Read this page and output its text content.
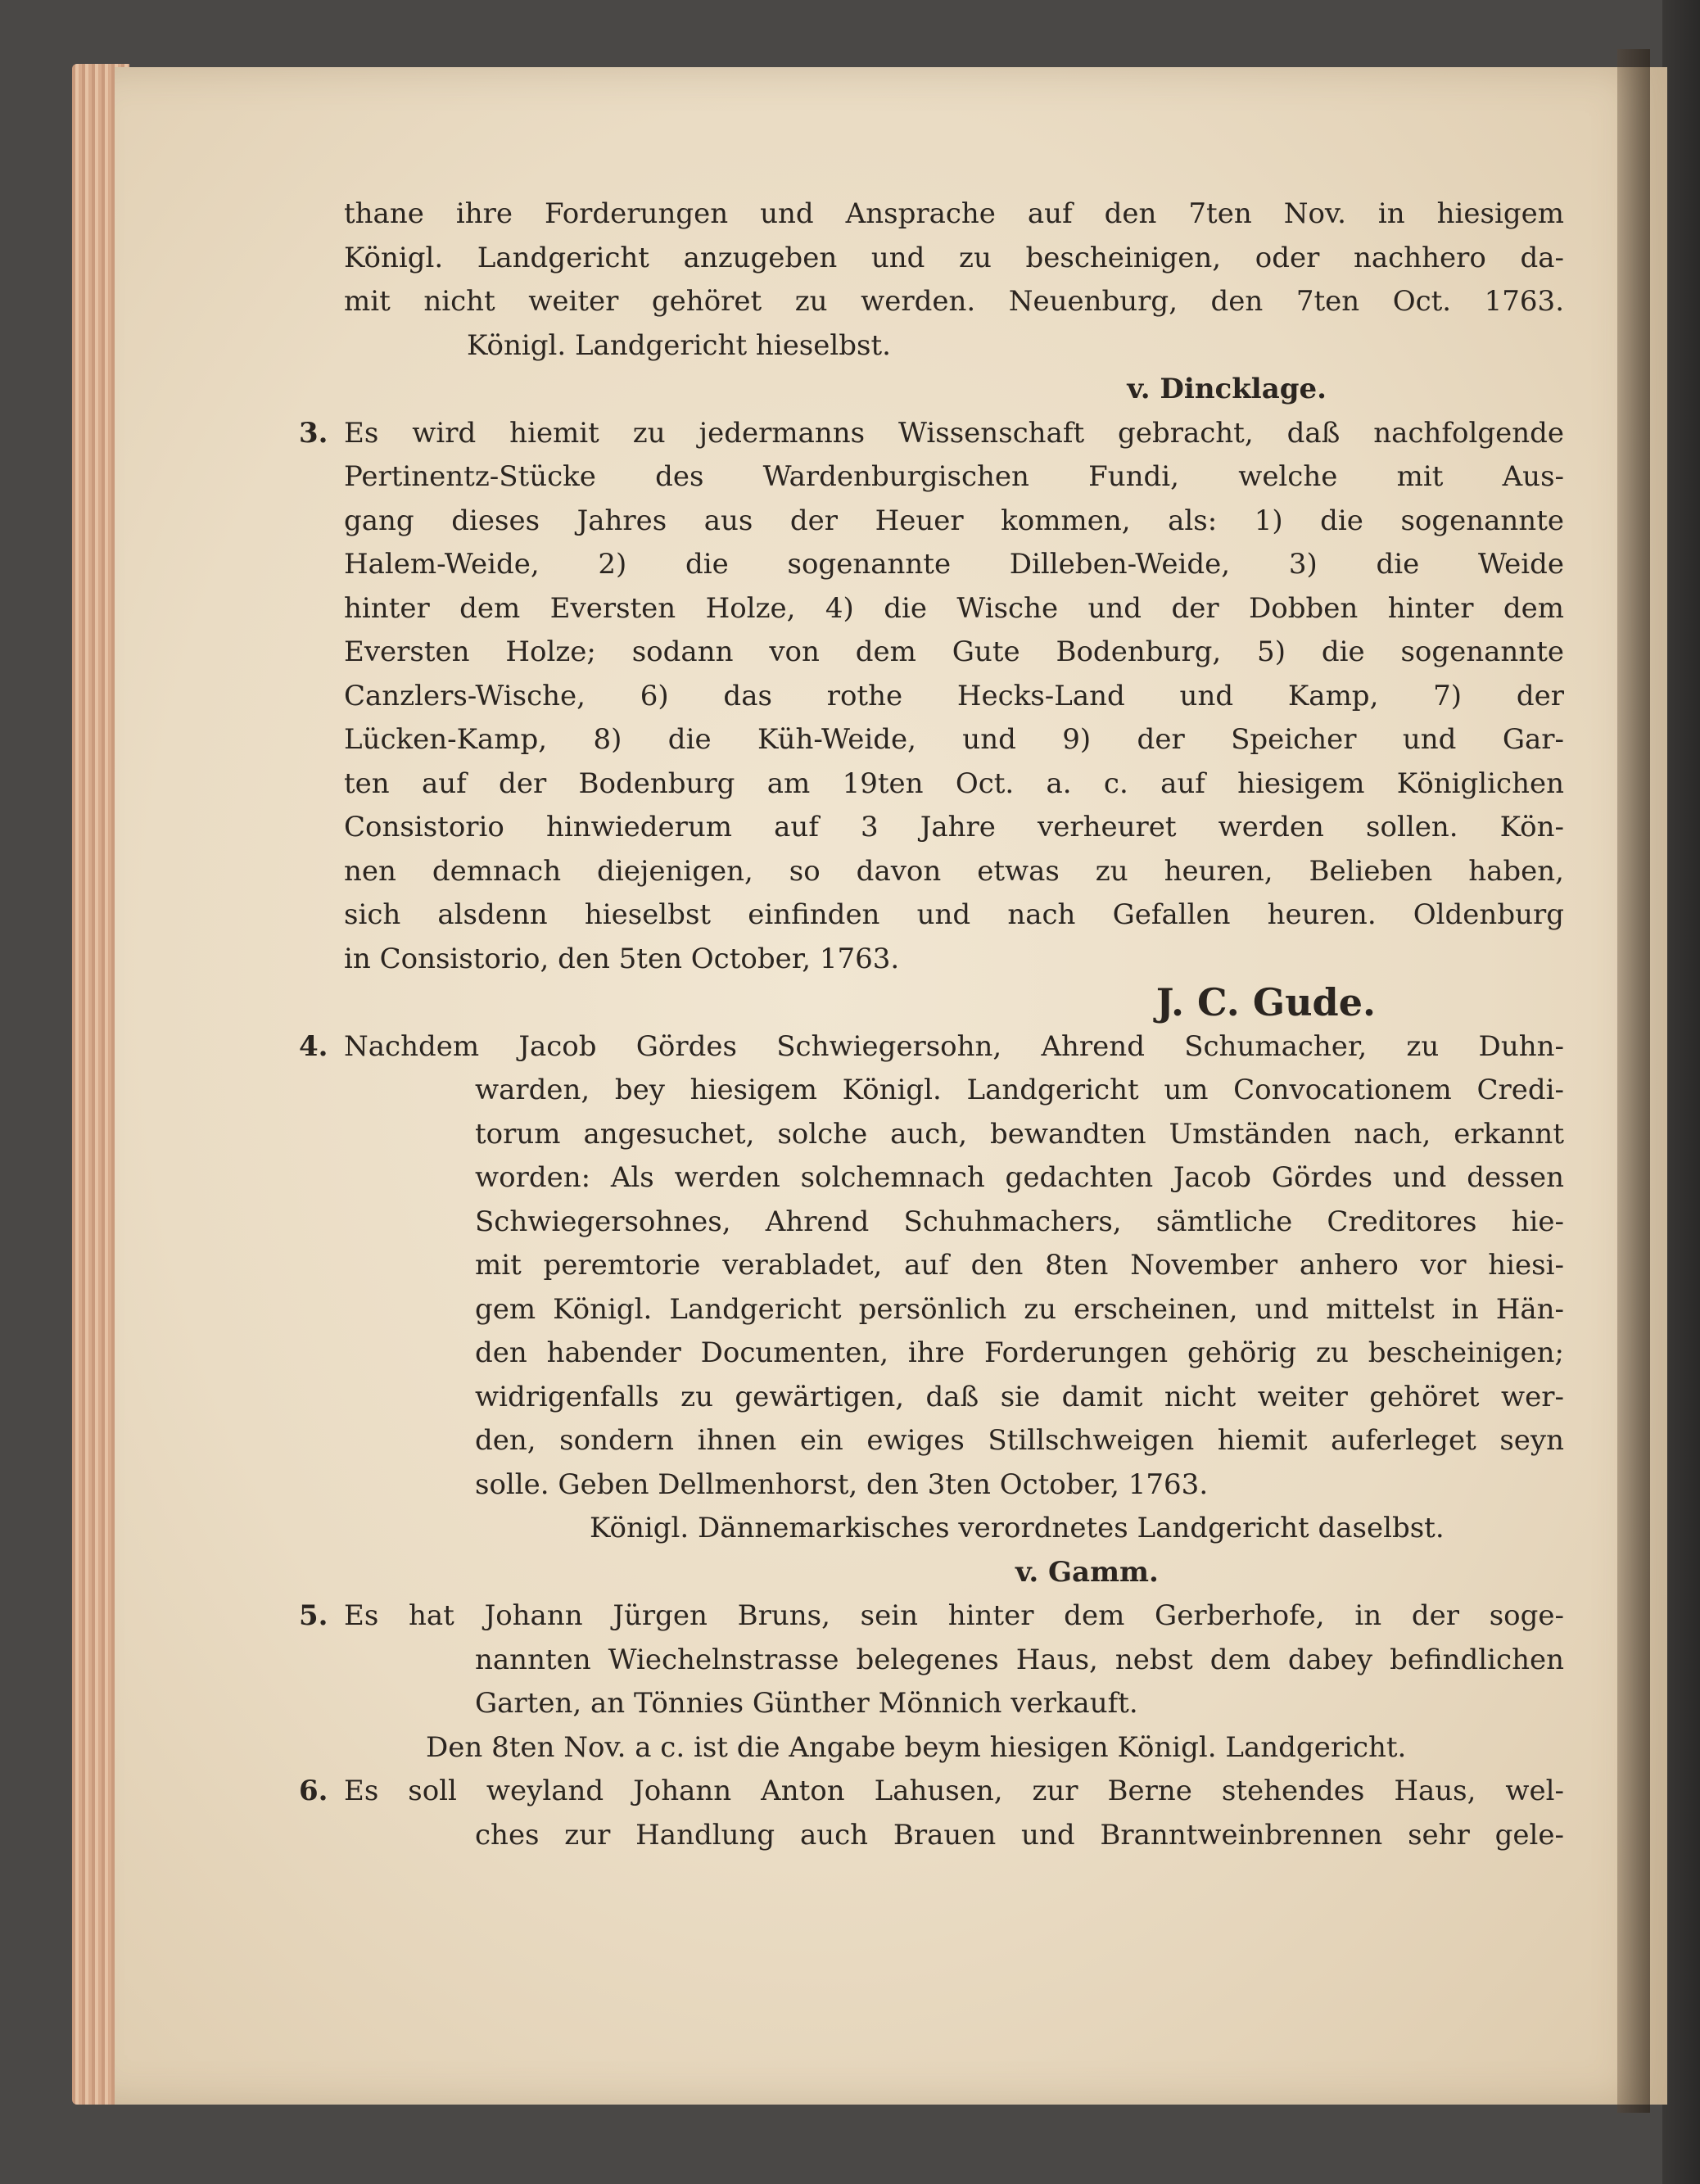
thane ihre Forderungen und Ansprache auf den 7ten Nov. in hiesigem
Königl. Landgericht anzugeben und zu bescheinigen, oder nachhero da-
mit nicht weiter gehöret zu werden. Neuenburg, den 7ten Oct. 1763.
Königl. Landgericht hieselbst.
v. Dincklage.
3. Es wird hiemit zu jedermanns Wissenschaft gebracht, daß nachfolgende
Pertinentz-Stücke des Wardenburgischen Fundi, welche mit Aus-
gang dieses Jahres aus der Heuer kommen, als: 1) die sogenannte
Halem-Weide, 2) die sogenannte Dilleben-Weide, 3) die Weide
hinter dem Eversten Holze, 4) die Wische und der Dobben hinter dem
Eversten Holze; sodann von dem Gute Bodenburg, 5) die sogenannte
Canzlers-Wische, 6) das rothe Hecks-Land und Kamp, 7) der
Lücken-Kamp, 8) die Küh-Weide, und 9) der Speicher und Gar-
ten auf der Bodenburg am 19ten Oct. a. c. auf hiesigem Königlichen
Consistorio hinwiederum auf 3 Jahre verheuret werden sollen. Kön-
nen demnach diejenigen, so davon etwas zu heuren, Belieben haben,
sich alsdenn hieselbst einfinden und nach Gefallen heuren. Oldenburg
in Consistorio, den 5ten October, 1763.
J. C. Gude.
4. Nachdem Jacob Gördes Schwiegersohn, Ahrend Schumacher, zu Duhn-
warden, bey hiesigem Königl. Landgericht um Convocationem Credi-
torum angesuchet, solche auch, bewandten Umständen nach, erkannt
worden: Als werden solchemnach gedachten Jacob Gördes und dessen
Schwiegersohnes, Ahrend Schuhmachers, sämtliche Creditores hie-
mit peremtorie verabladet, auf den 8ten November anhero vor hiesi-
gem Königl. Landgericht persönlich zu erscheinen, und mittelst in Hän-
den habender Documenten, ihre Forderungen gehörig zu bescheinigen;
widrigenfalls zu gewärtigen, daß sie damit nicht weiter gehöret wer-
den, sondern ihnen ein ewiges Stillschweigen hiemit auferleget seyn
solle. Geben Dellmenhorst, den 3ten October, 1763.
Königl. Dännemarkisches verordnetes Landgericht daselbst.
v. Gamm.
5. Es hat Johann Jürgen Bruns, sein hinter dem Gerberhofe, in der soge-
nannten Wiechelnstrasse belegenes Haus, nebst dem dabey befindlichen
Garten, an Tönnies Günther Mönnich verkauft.
Den 8ten Nov. a c. ist die Angabe beym hiesigen Königl. Landgericht.
6. Es soll weyland Johann Anton Lahusen, zur Berne stehendes Haus, wel-
ches zur Handlung auch Brauen und Branntweinbrennen sehr gele-
